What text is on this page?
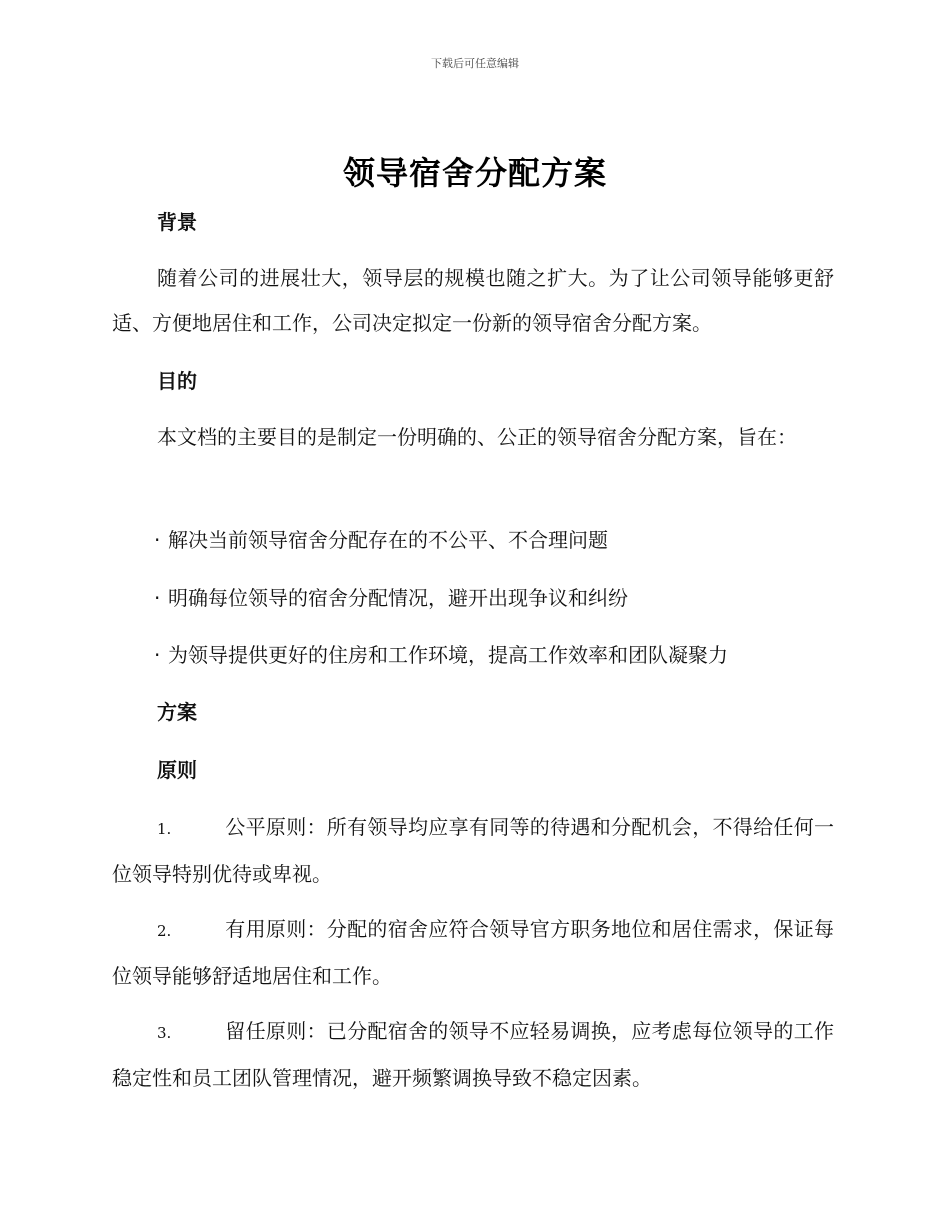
下载后可任意编辑
领导宿舍分配方案
背景
随着公司的进展壮大，领导层的规模也随之扩大。为了让公司领导能够更舒适、方便地居住和工作，公司决定拟定一份新的领导宿舍分配方案。
目的
本文档的主要目的是制定一份明确的、公正的领导宿舍分配方案，旨在：
· 解决当前领导宿舍分配存在的不公平、不合理问题
· 明确每位领导的宿舍分配情况，避开出现争议和纠纷
· 为领导提供更好的住房和工作环境，提高工作效率和团队凝聚力
方案
原则
1.	公平原则：所有领导均应享有同等的待遇和分配机会，不得给任何一位领导特别优待或卑视。
2.	有用原则：分配的宿舍应符合领导官方职务地位和居住需求，保证每位领导能够舒适地居住和工作。
3.	留任原则：已分配宿舍的领导不应轻易调换，应考虑每位领导的工作稳定性和员工团队管理情况，避开频繁调换导致不稳定因素。
